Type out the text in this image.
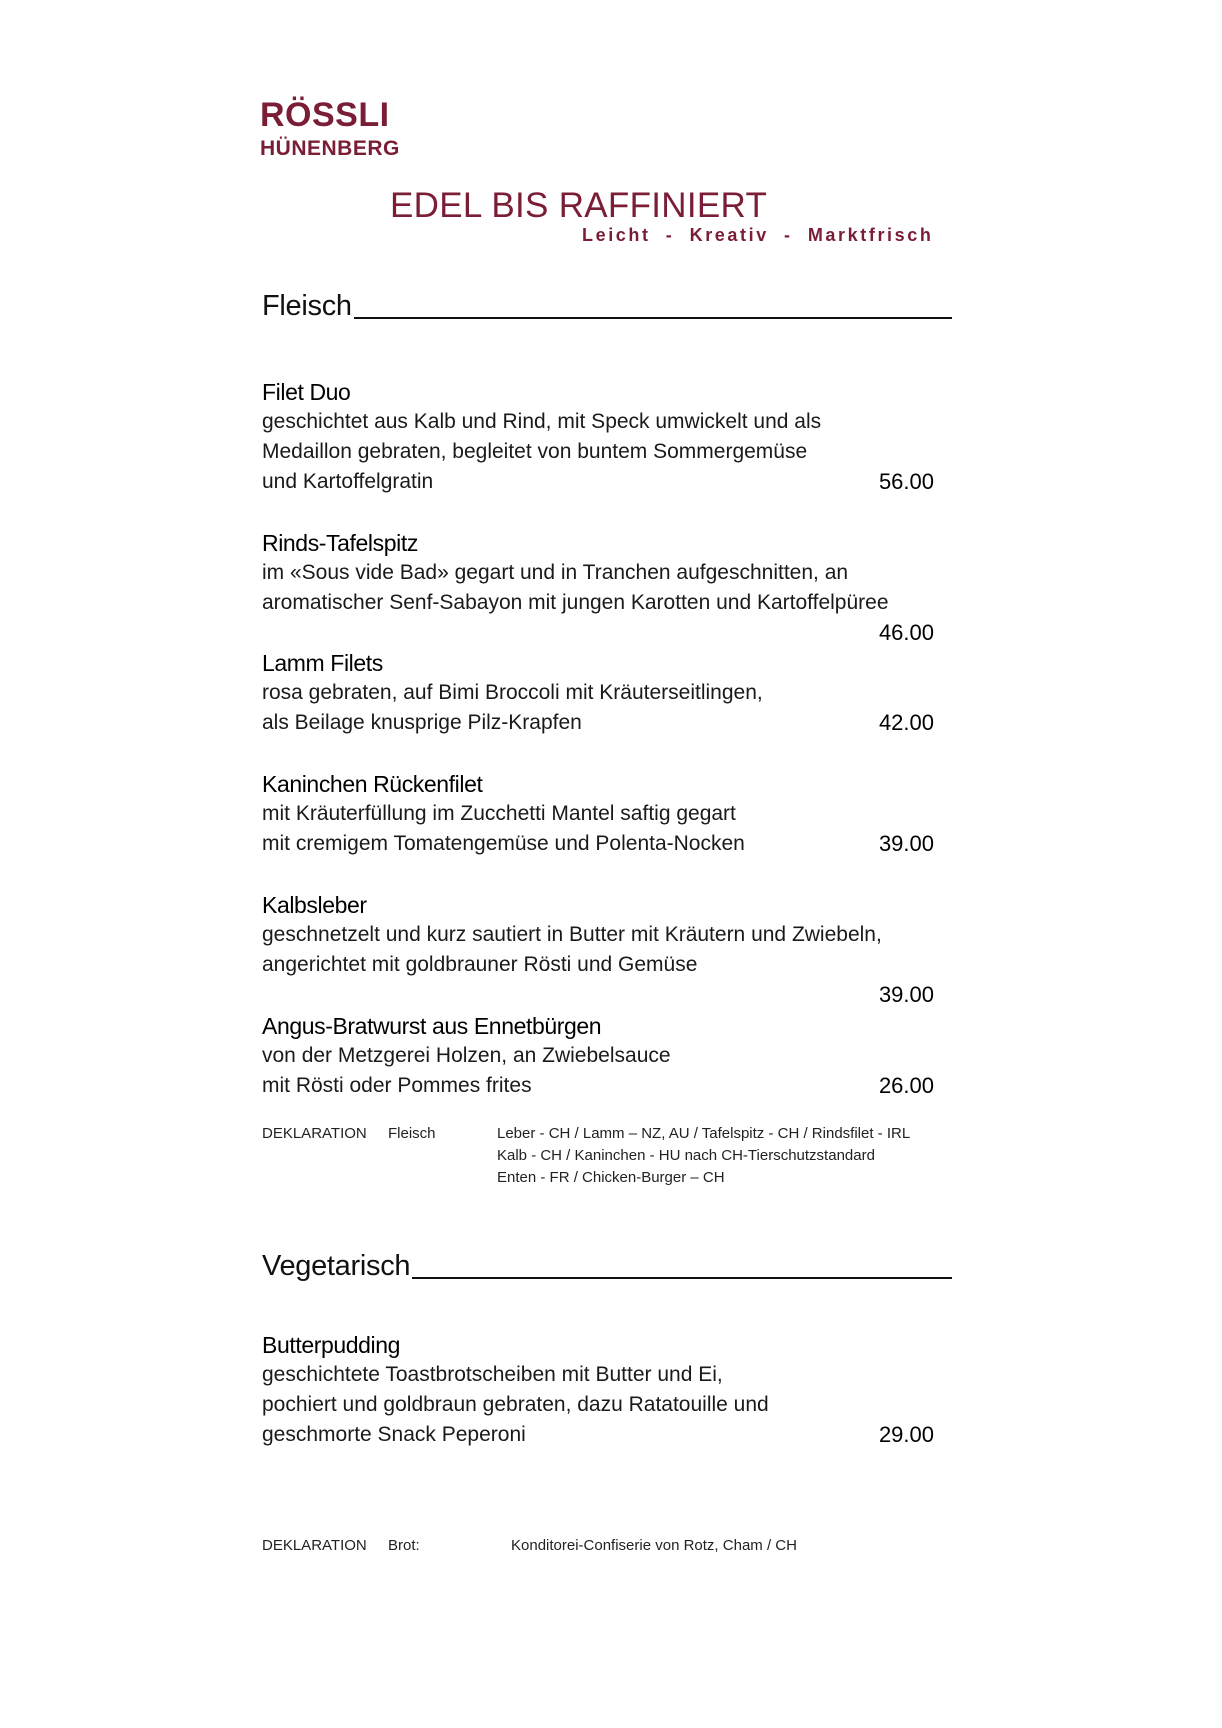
RÖSSLI
HÜNENBERG
EDEL BIS RAFFINIERT
Leicht  -  Kreativ  -  Marktfrisch
Fleisch
Filet Duo
geschichtet aus Kalb und Rind, mit Speck umwickelt und als
Medaillon gebraten, begleitet von buntem Sommergemüse
und Kartoffelgratin	56.00
Rinds-Tafelspitz
im «Sous vide Bad» gegart und in Tranchen aufgeschnitten, an
aromatischer Senf-Sabayon mit jungen Karotten und Kartoffelpüree
46.00
Lamm Filets
rosa gebraten, auf Bimi Broccoli mit Kräuterseitlingen,
als Beilage knusprige Pilz-Krapfen	42.00
Kaninchen Rückenfilet
mit Kräuterfüllung im Zucchetti Mantel saftig gegart
mit cremigem Tomatengemüse und Polenta-Nocken	39.00
Kalbsleber
geschnetzelt und kurz sautiert in Butter mit Kräutern und Zwiebeln,
angerichtet mit goldbrauner Rösti und Gemüse
39.00
Angus-Bratwurst aus Ennetbürgen
von der Metzgerei Holzen, an Zwiebelsauce
mit Rösti oder Pommes frites	26.00
DEKLARATION Fleisch	Leber - CH / Lamm – NZ, AU / Tafelspitz - CH / Rindsfilet - IRL
Kalb - CH / Kaninchen - HU nach CH-Tierschutzstandard
Enten - FR / Chicken-Burger – CH
Vegetarisch
Butterpudding
geschichtete Toastbrotscheiben mit Butter und Ei,
pochiert und goldbraun gebraten, dazu Ratatouille und
geschmorte Snack Peperoni	29.00
DEKLARATION Brot:	Konditorei-Confiserie von Rotz, Cham / CH
